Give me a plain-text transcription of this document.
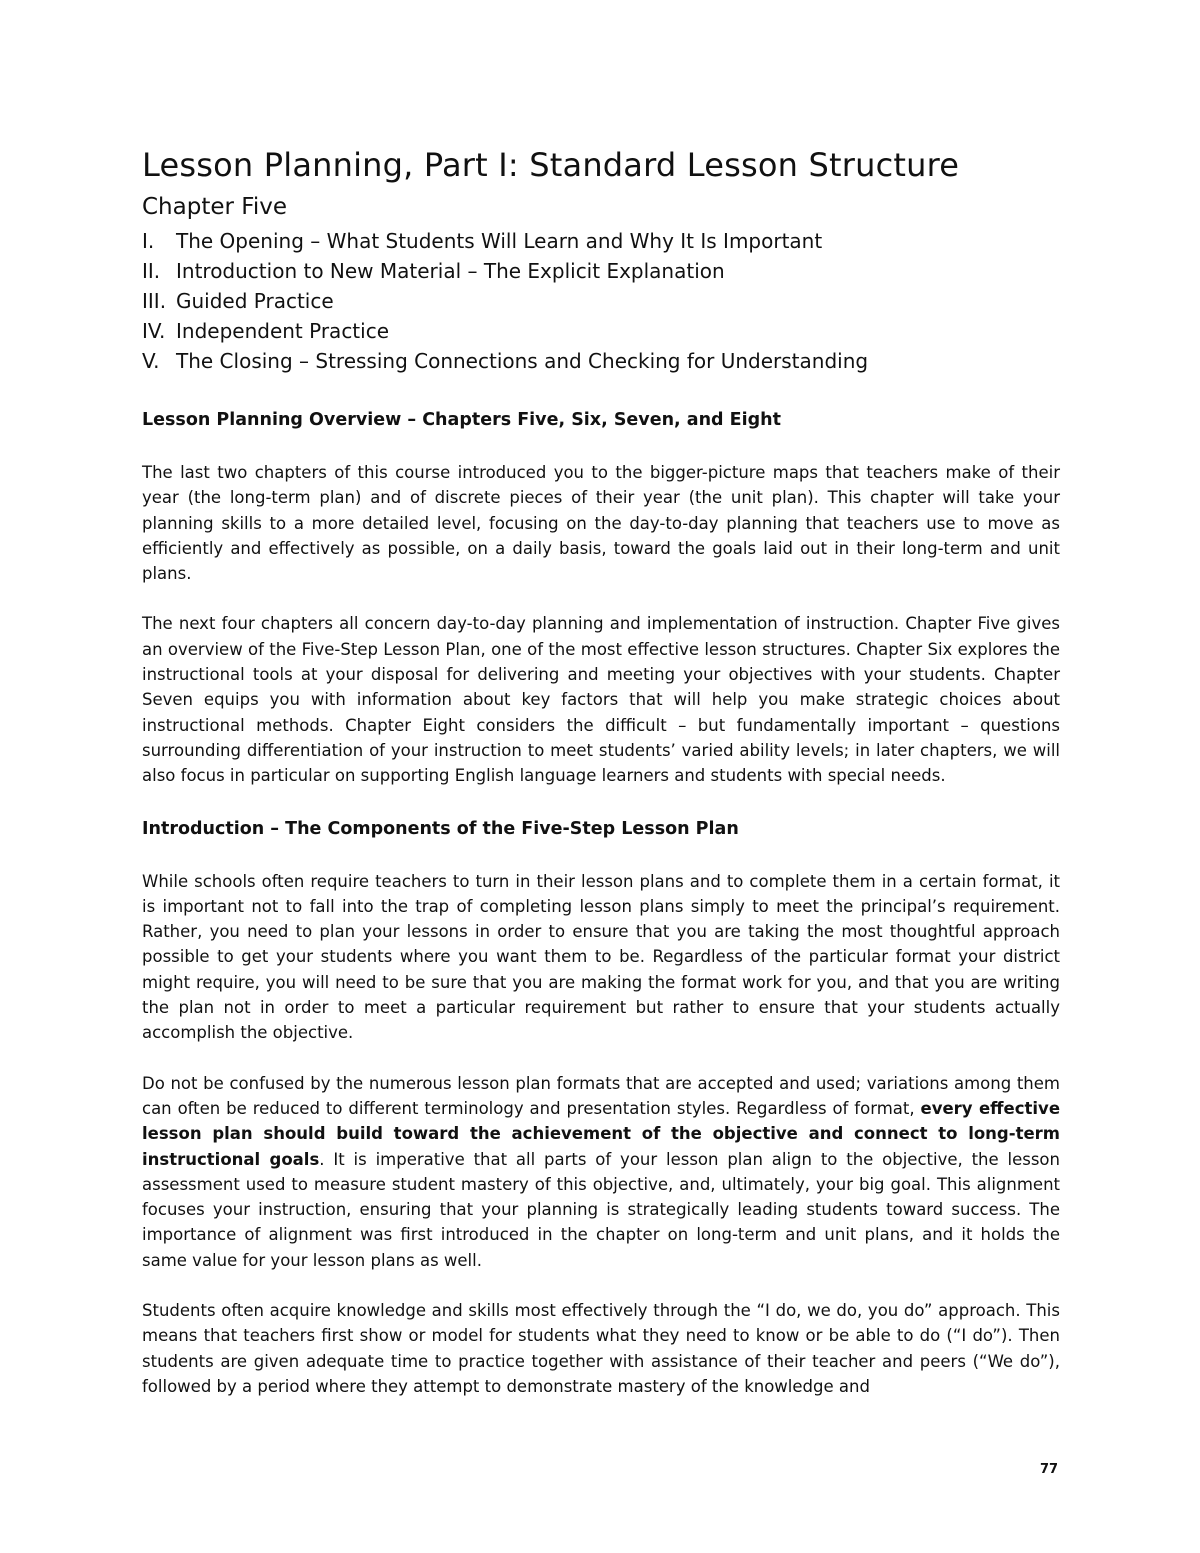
Lesson Planning, Part I: Standard Lesson Structure
Chapter Five
I.	The Opening – What Students Will Learn and Why It Is Important
II. Introduction to New Material – The Explicit Explanation
III. Guided Practice
IV. Independent Practice
V. The Closing – Stressing Connections and Checking for Understanding
Lesson Planning Overview – Chapters Five, Six, Seven, and Eight

The last two chapters of this course introduced you to the bigger-picture maps that teachers make of their year (the long-term plan) and of discrete pieces of their year (the unit plan). This chapter will take your planning skills to a more detailed level, focusing on the day-to-day planning that teachers use to move as efficiently and effectively as possible, on a daily basis, toward the goals laid out in their long-term and unit plans.

The next four chapters all concern day-to-day planning and implementation of instruction. Chapter Five gives an overview of the Five-Step Lesson Plan, one of the most effective lesson structures. Chapter Six explores the instructional tools at your disposal for delivering and meeting your objectives with your students. Chapter Seven equips you with information about key factors that will help you make strategic choices about instructional methods. Chapter Eight considers the difficult – but fundamentally important – questions surrounding differentiation of your instruction to meet students’ varied ability levels; in later chapters, we will also focus in particular on supporting English language learners and students with special needs.

Introduction – The Components of the Five-Step Lesson Plan

While schools often require teachers to turn in their lesson plans and to complete them in a certain format, it is important not to fall into the trap of completing lesson plans simply to meet the principal’s requirement. Rather, you need to plan your lessons in order to ensure that you are taking the most thoughtful approach possible to get your students where you want them to be. Regardless of the particular format your district might require, you will need to be sure that you are making the format work for you, and that you are writing the plan not in order to meet a particular requirement but rather to ensure that your students actually accomplish the objective.

Do not be confused by the numerous lesson plan formats that are accepted and used; variations among them can often be reduced to different terminology and presentation styles. Regardless of format, every effective lesson plan should build toward the achievement of the objective and connect to long-term instructional goals. It is imperative that all parts of your lesson plan align to the objective, the lesson assessment used to measure student mastery of this objective, and, ultimately, your big goal. This alignment focuses your instruction, ensuring that your planning is strategically leading students toward success. The importance of alignment was first introduced in the chapter on long-term and unit plans, and it holds the same value for your lesson plans as well.

Students often acquire knowledge and skills most effectively through the “I do, we do, you do” approach. This means that teachers first show or model for students what they need to know or be able to do (“I do”). Then students are given adequate time to practice together with assistance of their teacher and peers (“We do”), followed by a period where they attempt to demonstrate mastery of the knowledge and

77
